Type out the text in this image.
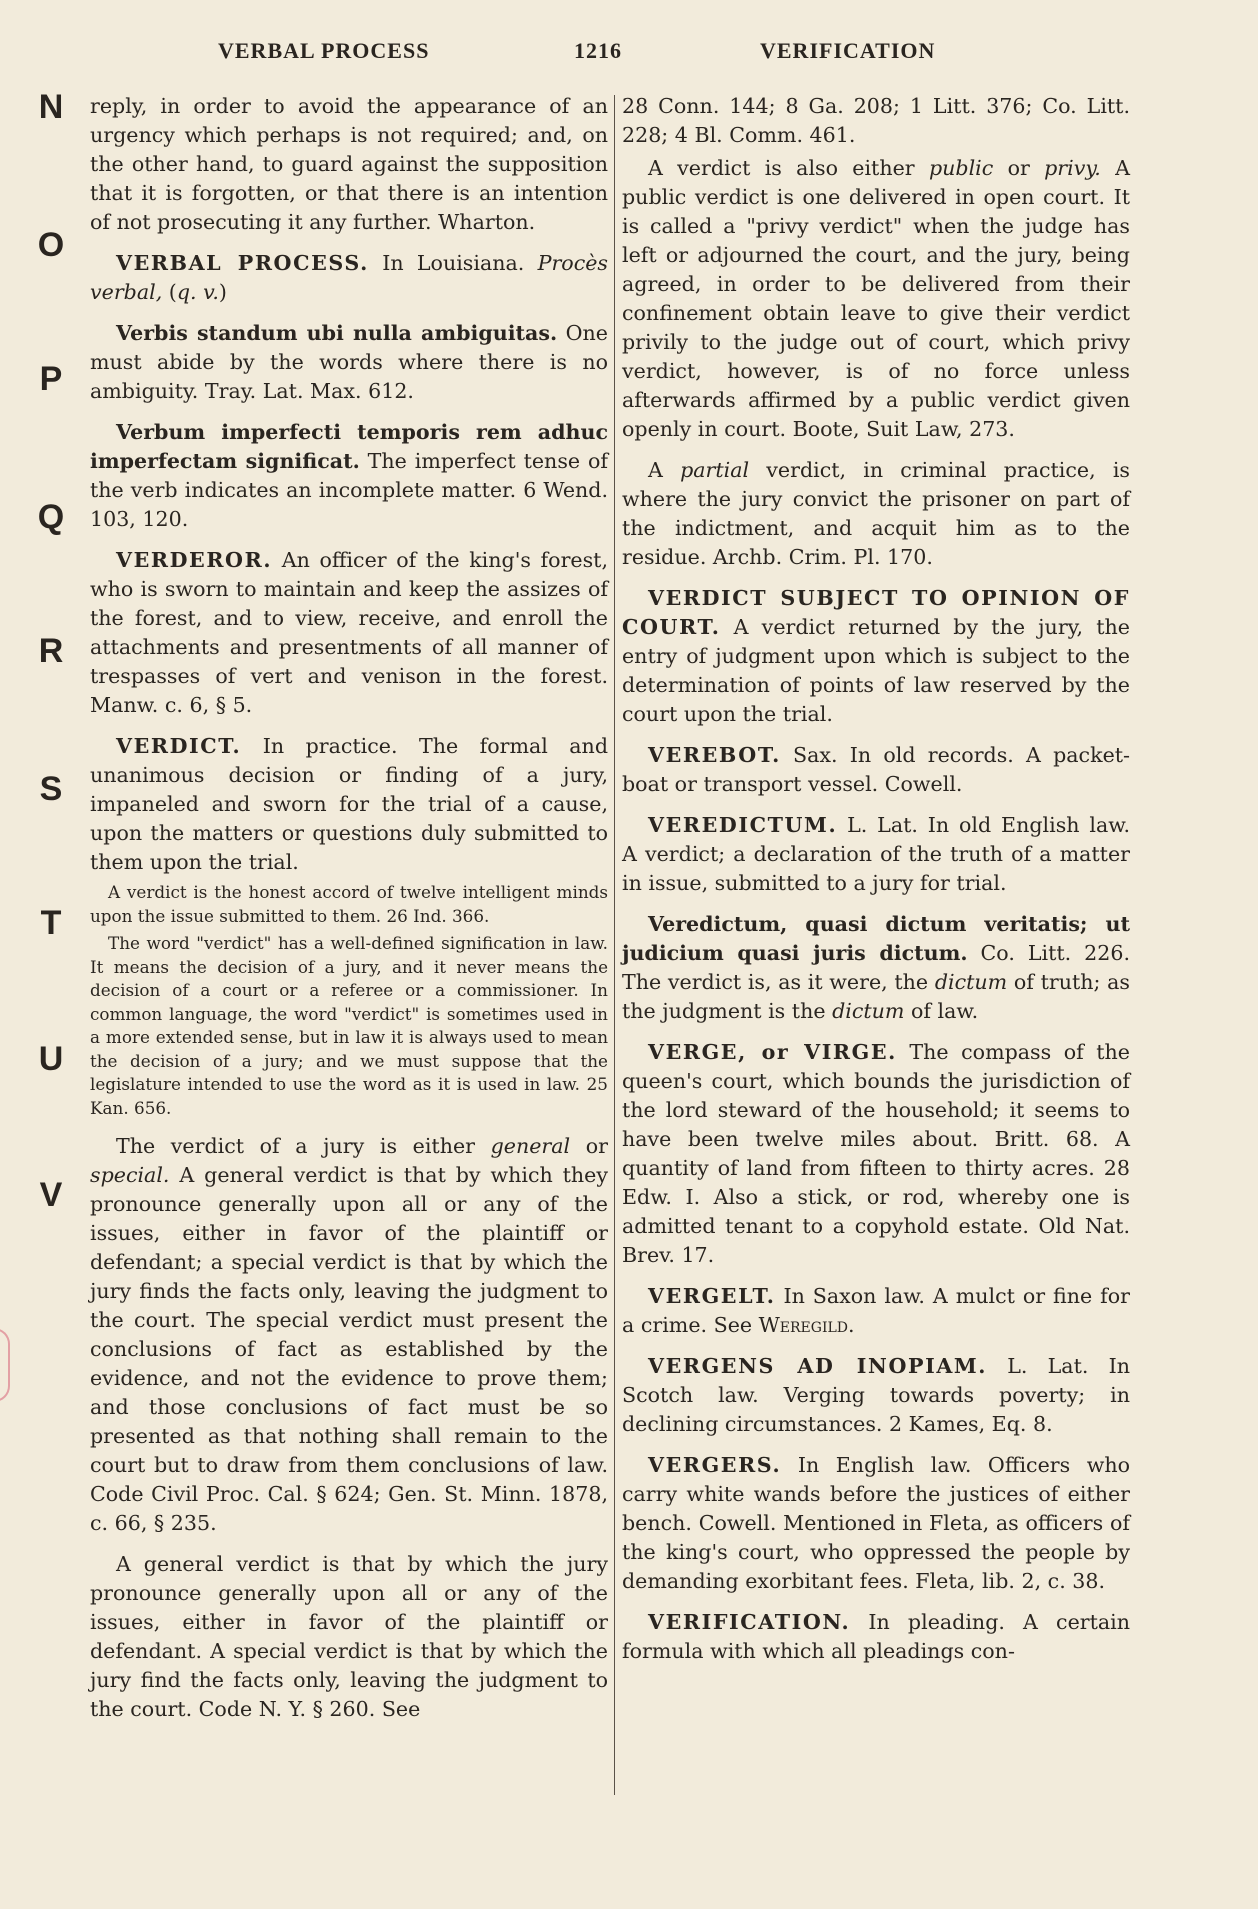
VERBAL PROCESS	1216	VERIFICATION
N
O
P
Q
R
S
T
U
V

reply, in order to avoid the appearance of an urgency which perhaps is not required; and, on the other hand, to guard against the supposition that it is forgotten, or that there is an intention of not prosecuting it any further. Wharton.

VERBAL PROCESS. In Louisiana. Procès verbal, (q. v.)

Verbis standum ubi nulla ambiguitas. One must abide by the words where there is no ambiguity. Tray. Lat. Max. 612.

Verbum imperfecti temporis rem adhuc imperfectam significat. The imperfect tense of the verb indicates an incomplete matter. 6 Wend. 103, 120.

VERDEROR. An officer of the king's forest, who is sworn to maintain and keep the assizes of the forest, and to view, receive, and enroll the attachments and presentments of all manner of trespasses of vert and venison in the forest. Manw. c. 6, § 5.

VERDICT. In practice. The formal and unanimous decision or finding of a jury, impaneled and sworn for the trial of a cause, upon the matters or questions duly submitted to them upon the trial.

A verdict is the honest accord of twelve intelligent minds upon the issue submitted to them. 26 Ind. 366.

The word "verdict" has a well-defined signification in law. It means the decision of a jury, and it never means the decision of a court or a referee or a commissioner. In common language, the word "verdict" is sometimes used in a more extended sense, but in law it is always used to mean the decision of a jury; and we must suppose that the legislature intended to use the word as it is used in law. 25 Kan. 656.

The verdict of a jury is either general or special. A general verdict is that by which they pronounce generally upon all or any of the issues, either in favor of the plaintiff or defendant; a special verdict is that by which the jury finds the facts only, leaving the judgment to the court. The special verdict must present the conclusions of fact as established by the evidence, and not the evidence to prove them; and those conclusions of fact must be so presented as that nothing shall remain to the court but to draw from them conclusions of law. Code Civil Proc. Cal. § 624; Gen. St. Minn. 1878, c. 66, § 235.

A general verdict is that by which the jury pronounce generally upon all or any of the issues, either in favor of the plaintiff or defendant. A special verdict is that by which the jury find the facts only, leaving the judgment to the court. Code N. Y. § 260. See

28 Conn. 144; 8 Ga. 208; 1 Litt. 376; Co. Litt. 228; 4 Bl. Comm. 461.

A verdict is also either public or privy. A public verdict is one delivered in open court. It is called a "privy verdict" when the judge has left or adjourned the court, and the jury, being agreed, in order to be delivered from their confinement obtain leave to give their verdict privily to the judge out of court, which privy verdict, however, is of no force unless afterwards affirmed by a public verdict given openly in court. Boote, Suit Law, 273.

A partial verdict, in criminal practice, is where the jury convict the prisoner on part of the indictment, and acquit him as to the residue. Archb. Crim. Pl. 170.

VERDICT SUBJECT TO OPINION OF COURT. A verdict returned by the jury, the entry of judgment upon which is subject to the determination of points of law reserved by the court upon the trial.

VEREBOT. Sax. In old records. A packet-boat or transport vessel. Cowell.

VEREDICTUM. L. Lat. In old English law. A verdict; a declaration of the truth of a matter in issue, submitted to a jury for trial.

Veredictum, quasi dictum veritatis; ut judicium quasi juris dictum. Co. Litt. 226. The verdict is, as it were, the dictum of truth; as the judgment is the dictum of law.

VERGE, or VIRGE. The compass of the queen's court, which bounds the jurisdiction of the lord steward of the household; it seems to have been twelve miles about. Britt. 68. A quantity of land from fifteen to thirty acres. 28 Edw. I. Also a stick, or rod, whereby one is admitted tenant to a copyhold estate. Old Nat. Brev. 17.

VERGELT. In Saxon law. A mulct or fine for a crime. See Weregild.

VERGENS AD INOPIAM. L. Lat. In Scotch law. Verging towards poverty; in declining circumstances. 2 Kames, Eq. 8.

VERGERS. In English law. Officers who carry white wands before the justices of either bench. Cowell. Mentioned in Fleta, as officers of the king's court, who oppressed the people by demanding exorbitant fees. Fleta, lib. 2, c. 38.

VERIFICATION. In pleading. A certain formula with which all pleadings con-
